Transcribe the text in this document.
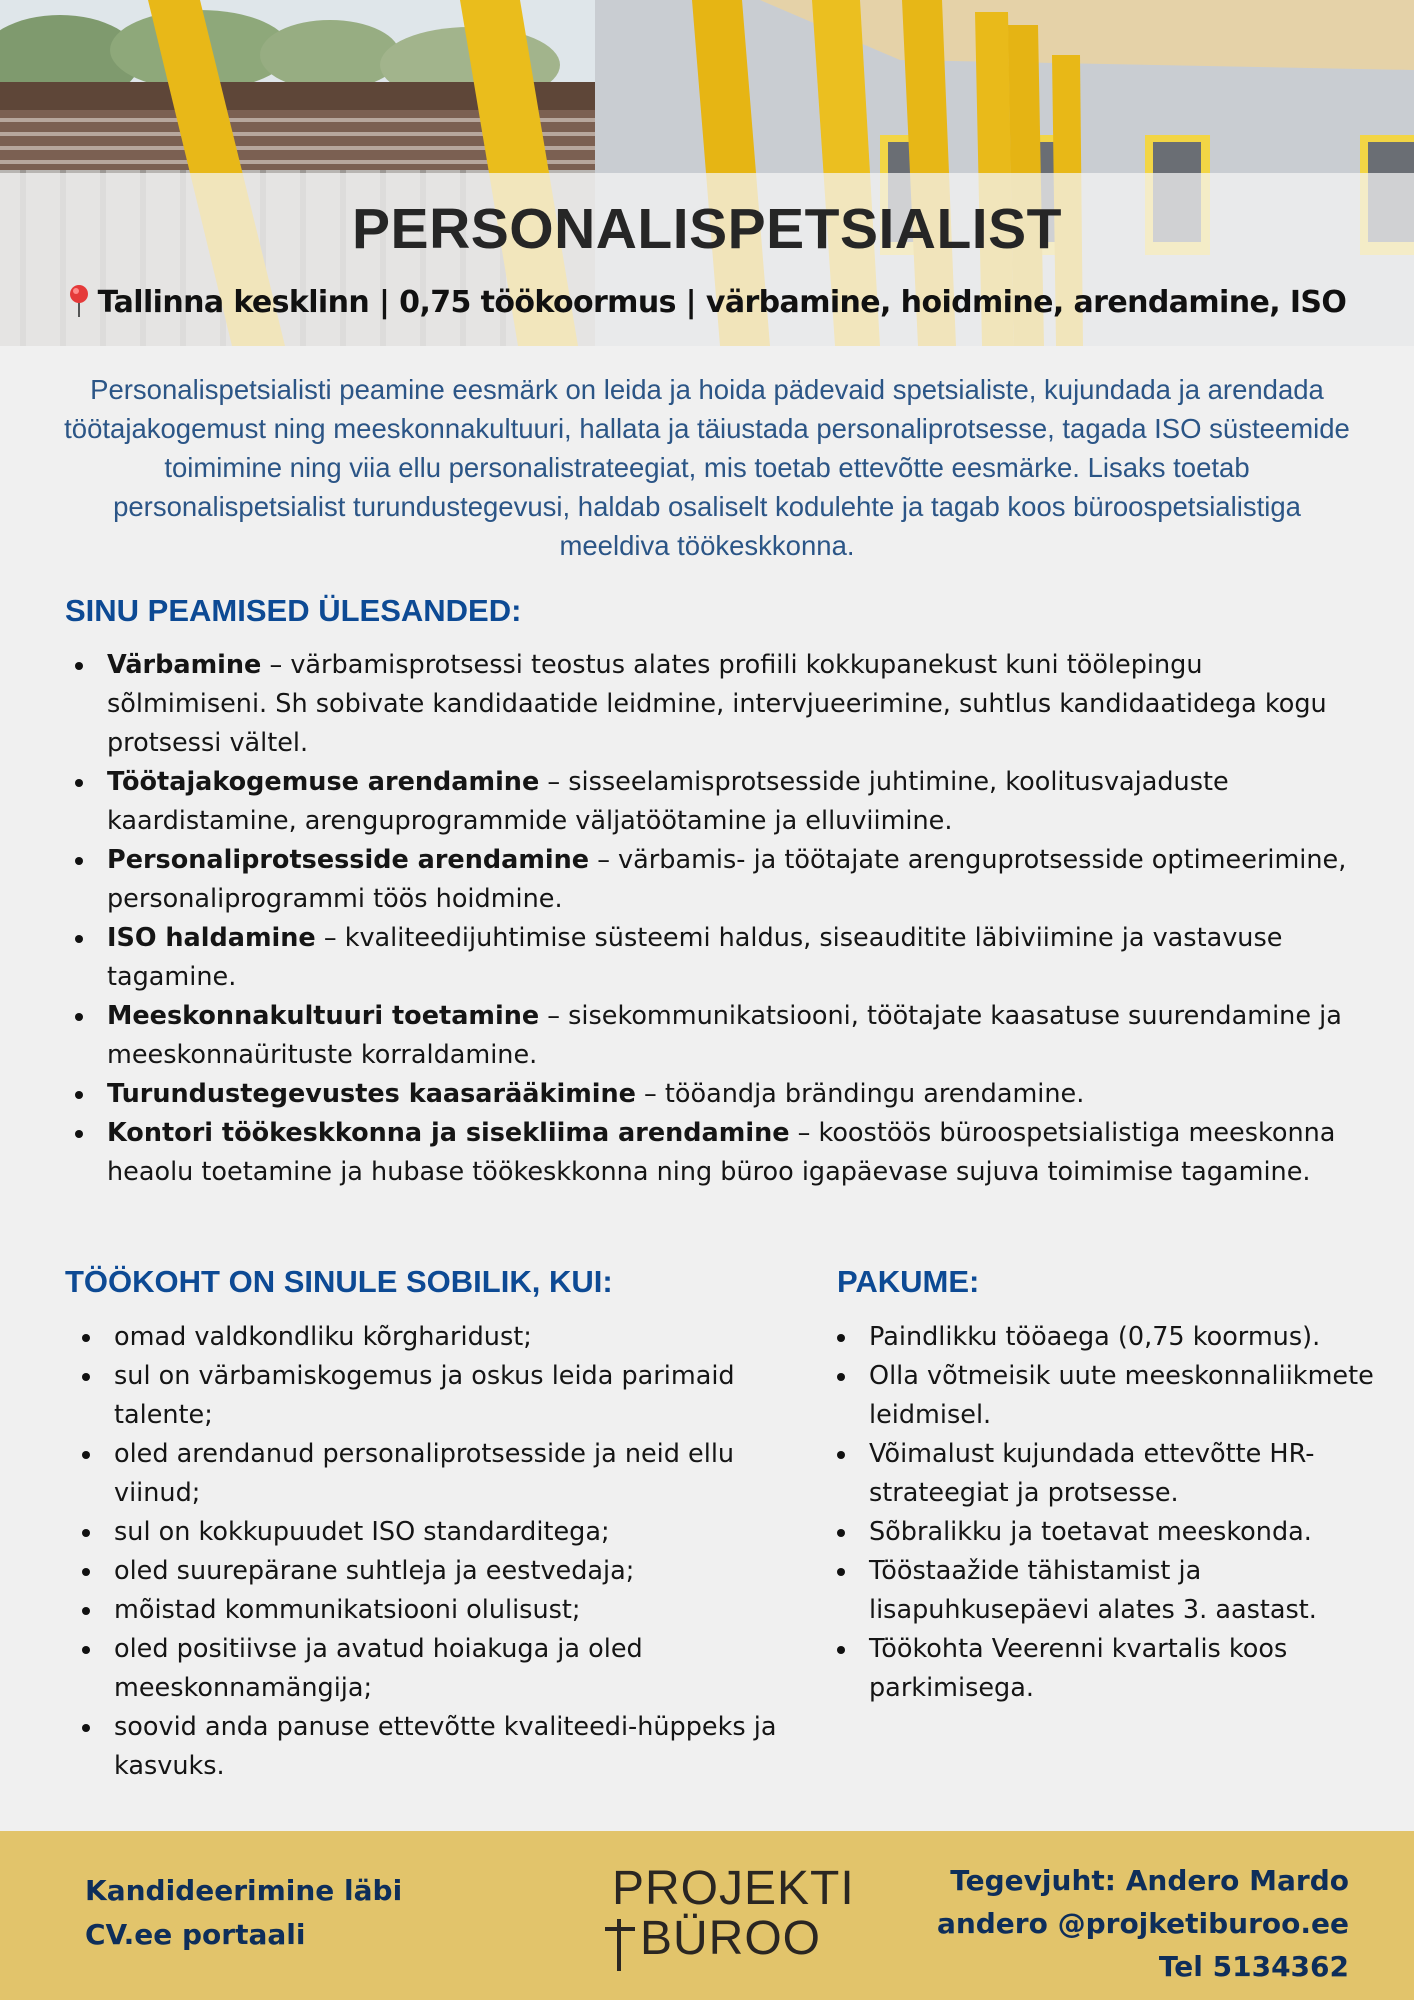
PERSONALISPETSIALIST
Tallinna kesklinn | 0,75 töökoormus | värbamine, hoidmine, arendamine, ISO

Personalispetsialisti peamine eesmärk on leida ja hoida pädevaid spetsialiste, kujundada ja arendada töötajakogemust ning meeskonnakultuuri, hallata ja täiustada personaliprotsesse, tagada ISO süsteemide toimimine ning viia ellu personalistrateegiat, mis toetab ettevõtte eesmärke. Lisaks toetab personalispetsialist turundustegevusi, haldab osaliselt kodulehte ja tagab koos büroospetsialistiga meeldiva töökeskkonna.

SINU PEAMISED ÜLESANDED:
Värbamine – värbamisprotsessi teostus alates profiili kokkupanekust kuni töölepingu sõlmimiseni. Sh sobivate kandidaatide leidmine, intervjueerimine, suhtlus kandidaatidega kogu protsessi vältel.
Töötajakogemuse arendamine – sisseelamisprotsesside juhtimine, koolitusvajaduste kaardistamine, arenguprogrammide väljatöötamine ja elluviimine.
Personaliprotsesside arendamine – värbamis- ja töötajate arenguprotsesside optimeerimine, personaliprogrammi töös hoidmine.
ISO haldamine – kvaliteedijuhtimise süsteemi haldus, siseauditite läbiviimine ja vastavuse tagamine.
Meeskonnakultuuri toetamine – sisekommunikatsiooni, töötajate kaasatuse suurendamine ja meeskonnaürituste korraldamine.
Turundustegevustes kaasarääkimine – tööandja brändingu arendamine.
Kontori töökeskkonna ja sisekliima arendamine – koostöös büroospetsialistiga meeskonna heaolu toetamine ja hubase töökeskkonna ning büroo igapäevase sujuva toimimise tagamine.
TÖÖKOHT ON SINULE SOBILIK, KUI:
omad valdkondliku kõrgharidust;
sul on värbamiskogemus ja oskus leida parimaid talente;
oled arendanud personaliprotsesside ja neid ellu viinud;
sul on kokkupuudet ISO standarditega;
oled suurepärane suhtleja ja eestvedaja;
mõistad kommunikatsiooni olulisust;
oled positiivse ja avatud hoiakuga ja oled meeskonnamängija;
soovid anda panuse ettevõtte kvaliteedi-hüppeks ja kasvuks.
PAKUME:
Paindlikku tööaega (0,75 koormus).
Olla võtmeisik uute meeskonnaliikmete leidmisel.
Võimalust kujundada ettevõtte HR-strateegiat ja protsesse.
Sõbralikku ja toetavat meeskonda.
Tööstaažide tähistamist ja lisapuhkusepäevi alates 3. aastast.
Töökohta Veerenni kvartalis koos parkimisega.
Kandideerimine läbi
CV.ee portaali
PROJEKTI
BÜROO
Tegevjuht: Andero Mardo
andero @projketiburoo.ee
Tel 5134362
